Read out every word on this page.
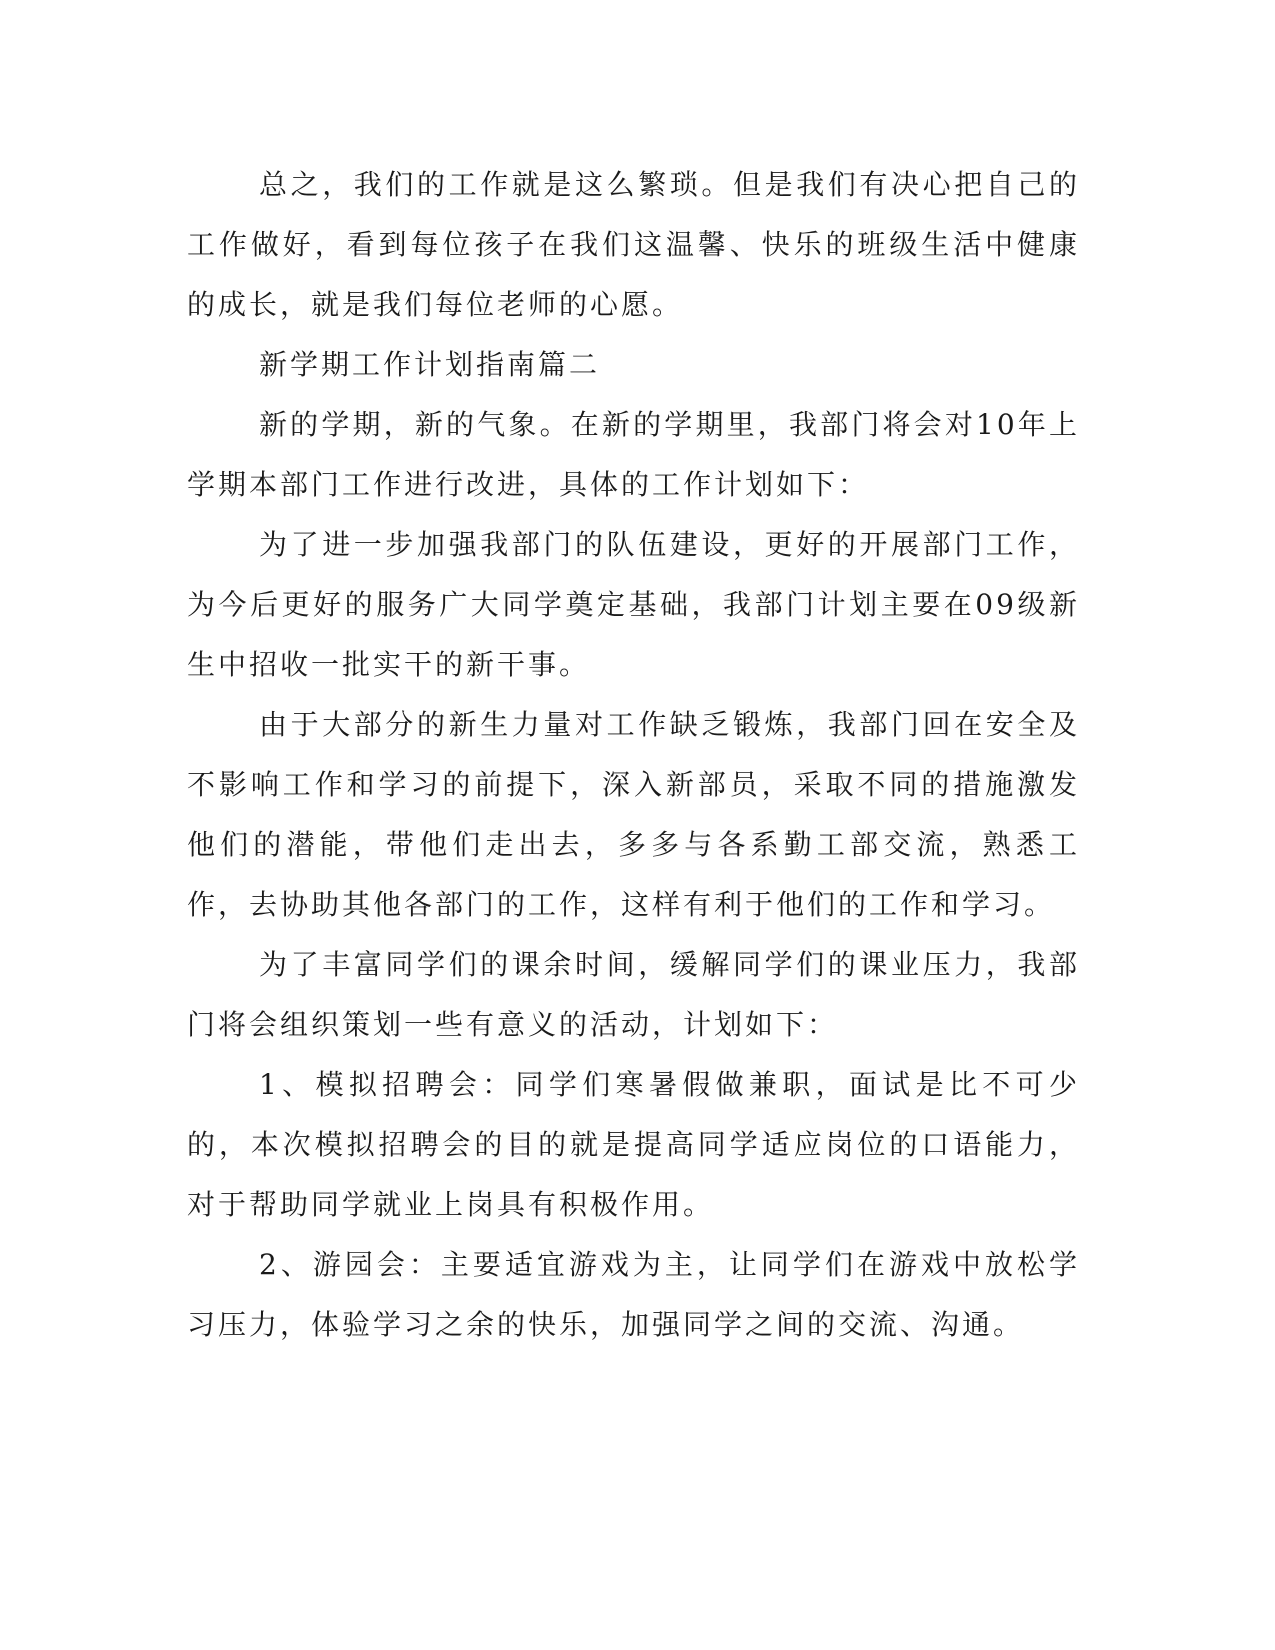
总之，我们的工作就是这么繁琐。但是我们有决心把自己的工作做好，看到每位孩子在我们这温馨、快乐的班级生活中健康的成长，就是我们每位老师的心愿。

新学期工作计划指南篇二

新的学期，新的气象。在新的学期里，我部门将会对10年上学期本部门工作进行改进，具体的工作计划如下：

为了进一步加强我部门的队伍建设，更好的开展部门工作，为今后更好的服务广大同学奠定基础，我部门计划主要在09级新生中招收一批实干的新干事。

由于大部分的新生力量对工作缺乏锻炼，我部门回在安全及不影响工作和学习的前提下，深入新部员，采取不同的措施激发他们的潜能，带他们走出去，多多与各系勤工部交流，熟悉工作，去协助其他各部门的工作，这样有利于他们的工作和学习。

为了丰富同学们的课余时间，缓解同学们的课业压力，我部门将会组织策划一些有意义的活动，计划如下：

1、模拟招聘会：同学们寒暑假做兼职，面试是比不可少的，本次模拟招聘会的目的就是提高同学适应岗位的口语能力，对于帮助同学就业上岗具有积极作用。

2、游园会：主要适宜游戏为主，让同学们在游戏中放松学习压力，体验学习之余的快乐，加强同学之间的交流、沟通。
